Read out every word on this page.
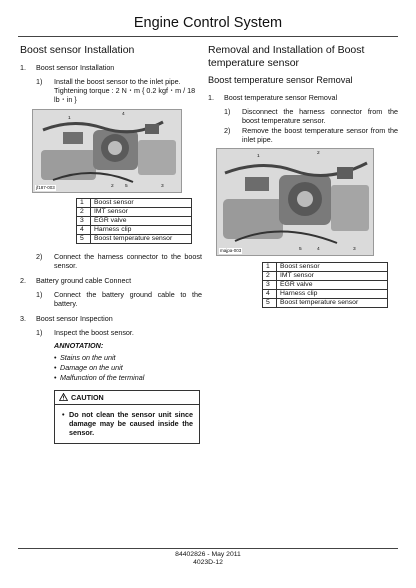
Engine Control System
Boost sensor Installation
1.	Boost sensor Installation
1)	Install the boost sensor to the inlet pipe. Tightening torque : 2 N・m { 0.2 kgf・m / 18 lb・in }
1
4
2 5	3
jf187-003
1	Boost sensor
2	IMT sensor
3	EGR valve
4	Harness clip
5	Boost temperature sensor
2)	Connect the harness connector to the boost sensor.
2.	Battery ground cable Connect
1)	Connect the battery ground cable to the battery.
3.	Boost sensor Inspection
1)	Inspect the boost sensor.
ANNOTATION:
• Stains on the unit
• Damage on the unit
• Malfunction of the terminal
CAUTION
• Do not clean the sensor unit since damage may be caused inside the sensor.
Removal and Installation of Boost temperature sensor
Boost temperature sensor Removal
1.	Boost temperature sensor Removal
1)	Disconnect the harness connector from the boost temperature sensor.
2)	Remove the boost temperature sensor from the inlet pipe.
1
2
5	4	3
majpa-003
1	Boost sensor
2	IMT sensor
3	EGR valve
4	Harness clip
5	Boost temperature sensor
84402826 - May 2011
4023D-12
